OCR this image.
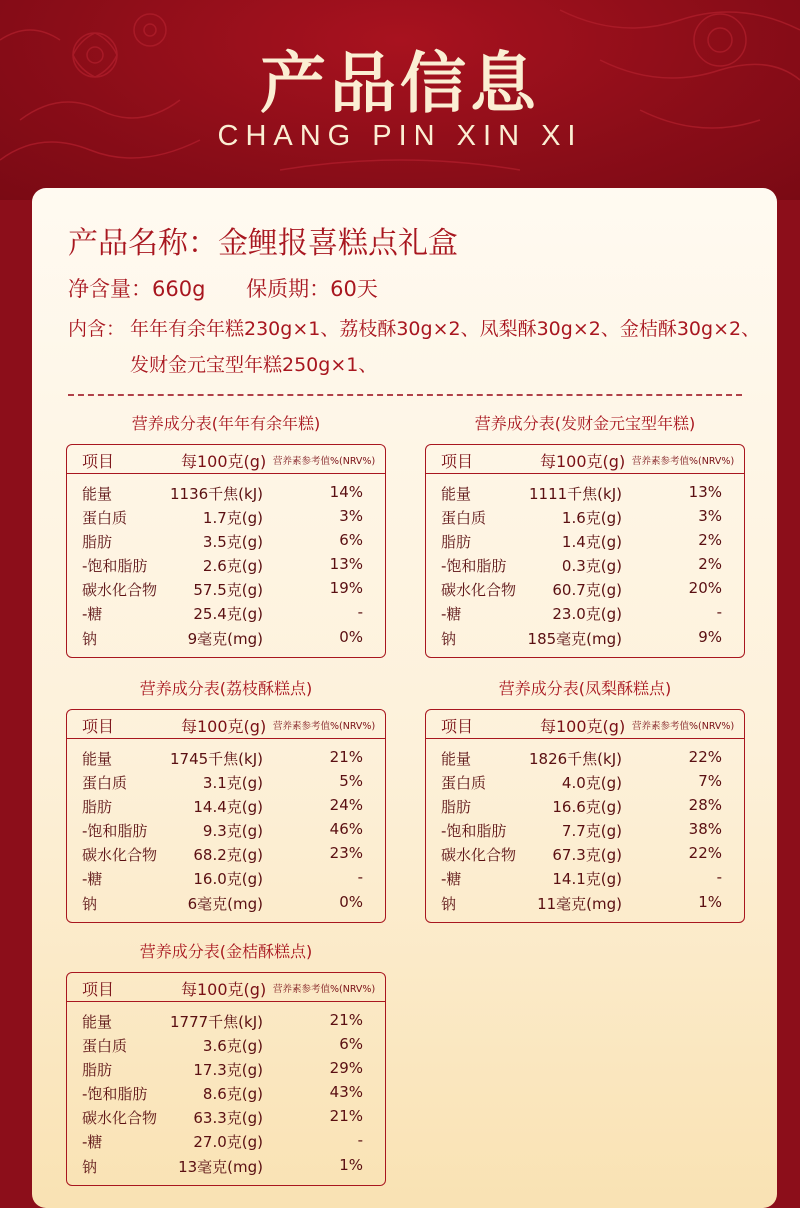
产品信息
CHANG PIN XIN XI
产品名称：金鲤报喜糕点礼盒
净含量：660g 保质期：60天
内含： 年年有余年糕230g×1、荔枝酥30g×2、凤梨酥30g×2、金桔酥30g×2、
发财金元宝型年糕250g×1、
营养成分表(年年有余年糕)
项目	每100克(g) 营养素参考值%(NRV%)
能量	1136千焦(kJ)	14%
蛋白质	1.7克(g)	3%
脂肪	3.5克(g)	6%
-饱和脂肪	2.6克(g)	13%
碳水化合物 57.5克(g)	19%
-糖	25.4克(g)	-
钠	9毫克(mg)	0%
营养成分表(发财金元宝型年糕)
项目	每100克(g) 营养素参考值%(NRV%)
能量	1111千焦(kJ)	13%
蛋白质	1.6克(g)	3%
脂肪	1.4克(g)	2%
-饱和脂肪	0.3克(g)	2%
碳水化合物 60.7克(g)	20%
-糖	23.0克(g)	-
钠	185毫克(mg)	9%
营养成分表(荔枝酥糕点)
项目	每100克(g) 营养素参考值%(NRV%)
能量	1745千焦(kJ)	21%
蛋白质	3.1克(g)	5%
脂肪	14.4克(g)	24%
-饱和脂肪	9.3克(g)	46%
碳水化合物 68.2克(g)	23%
-糖	16.0克(g)	-
钠	6毫克(mg)	0%
营养成分表(凤梨酥糕点)
项目	每100克(g) 营养素参考值%(NRV%)
能量	1826千焦(kJ)	22%
蛋白质	4.0克(g)	7%
脂肪	16.6克(g)	28%
-饱和脂肪	7.7克(g)	38%
碳水化合物 67.3克(g)	22%
-糖	14.1克(g)	-
钠	11毫克(mg)	1%
营养成分表(金桔酥糕点)
项目	每100克(g) 营养素参考值%(NRV%)
能量	1777千焦(kJ)	21%
蛋白质	3.6克(g)	6%
脂肪	17.3克(g)	29%
-饱和脂肪	8.6克(g)	43%
碳水化合物 63.3克(g)	21%
-糖	27.0克(g)	-
钠	13毫克(mg)	1%
